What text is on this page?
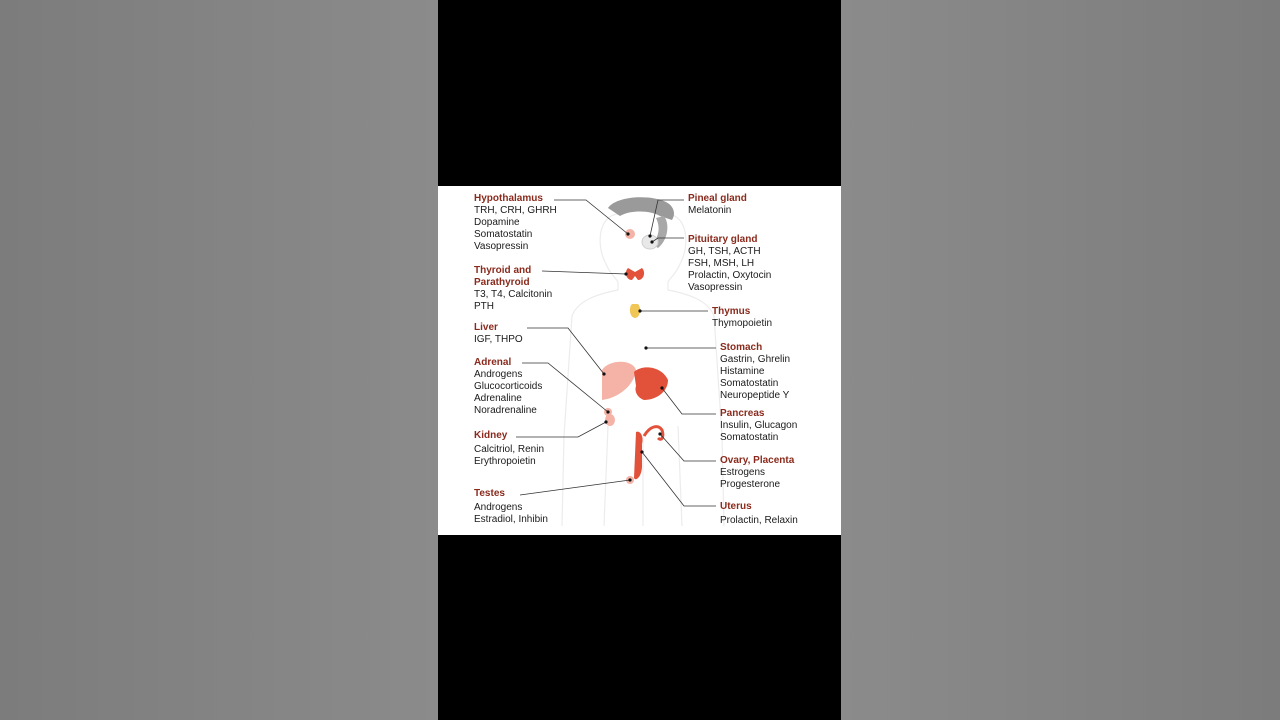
Hypothalamus
TRH, CRH, GHRH
Dopamine
Somatostatin
Vasopressin
Thyroid and
Parathyroid
T3, T4, Calcitonin
PTH
Liver
IGF, THPO
Adrenal
Androgens
Glucocorticoids
Adrenaline
Noradrenaline
Kidney
Calcitriol, Renin
Erythropoietin
Testes
Androgens
Estradiol, Inhibin
Pineal gland
Melatonin
Pituitary gland
GH, TSH, ACTH
FSH, MSH, LH
Prolactin, Oxytocin
Vasopressin
Thymus
Thymopoietin
Stomach
Gastrin, Ghrelin
Histamine
Somatostatin
Neuropeptide Y
Pancreas
Insulin, Glucagon
Somatostatin
Ovary, Placenta
Estrogens
Progesterone
Uterus
Prolactin, Relaxin
